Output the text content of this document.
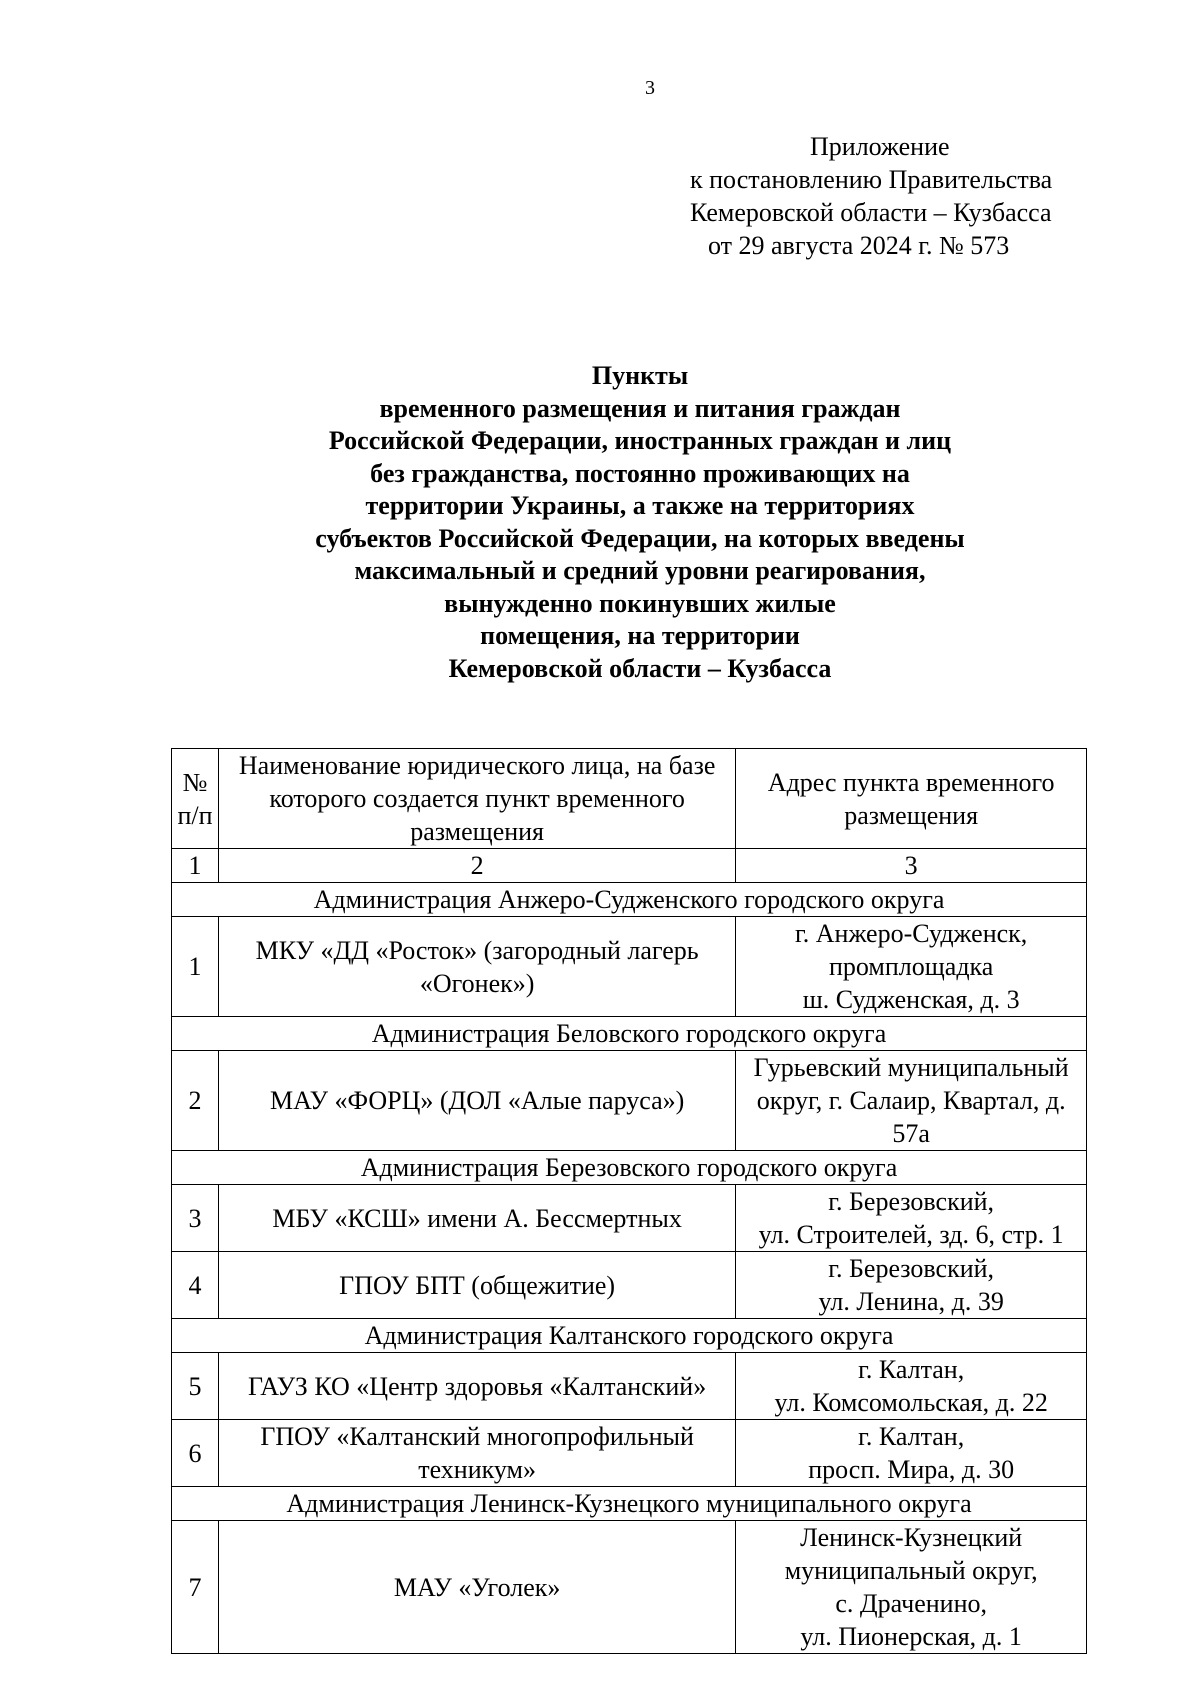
3
Приложение
к постановлению Правительства
Кемеровской области – Кузбасса
от 29 августа 2024 г. № 573
Пункты
временного размещения и питания граждан
Российской Федерации, иностранных граждан и лиц
без гражданства, постоянно проживающих на
территории Украины, а также на территориях
субъектов Российской Федерации, на которых введены
максимальный и средний уровни реагирования,
вынужденно покинувших жилые
помещения, на территории
Кемеровской области – Кузбасса
№
п/п	Наименование юридического лица, на базе которого создается пункт временного размещения	Адрес пункта временного размещения
1	2	3
Администрация Анжеро-Судженского городского округа		
1	МКУ «ДД «Росток» (загородный лагерь «Огонек»)	г. Анжеро-Судженск,
промплощадка
ш. Судженская, д. 3
Администрация Беловского городского округа		
2	МАУ «ФОРЦ» (ДОЛ «Алые паруса»)	Гурьевский муниципальный округ, г. Салаир, Квартал, д. 57а
Администрация Березовского городского округа		
3	МБУ «КСШ» имени А. Бессмертных	г. Березовский,
ул. Строителей, зд. 6, стр. 1
4	ГПОУ БПТ (общежитие)	г. Березовский,
ул. Ленина, д. 39
Администрация Калтанского городского округа		
5	ГАУЗ КО «Центр здоровья «Калтанский»	г. Калтан,
ул. Комсомольская, д. 22
6	ГПОУ «Калтанский многопрофильный техникум»	г. Калтан,
просп. Мира, д. 30
Администрация Ленинск-Кузнецкого муниципального округа		
7	МАУ «Уголек»	Ленинск-Кузнецкий
муниципальный округ,
с. Драченино,
ул. Пионерская, д. 1
